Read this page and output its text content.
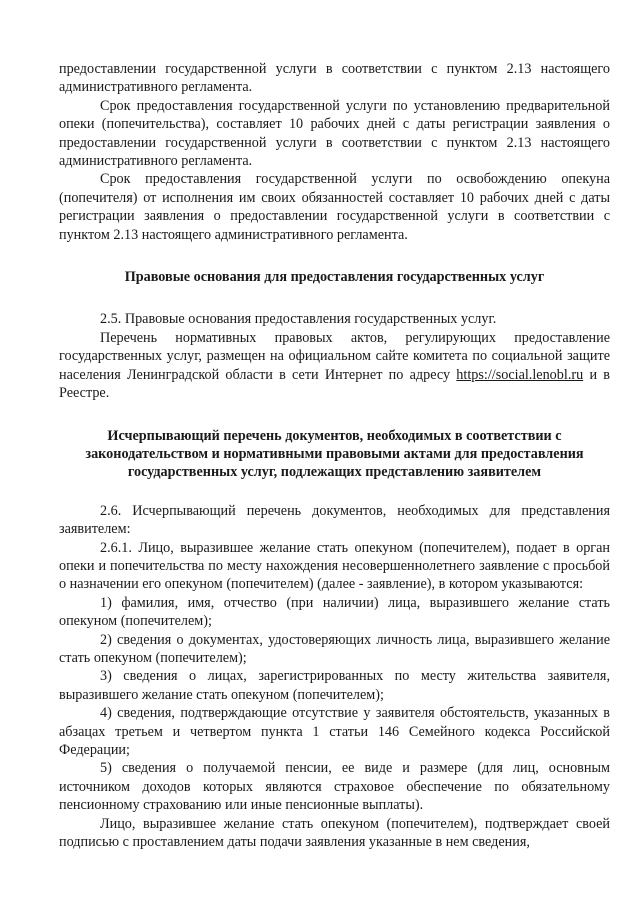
предоставлении государственной услуги в соответствии с пунктом 2.13 настоящего административного регламента.

Срок предоставления государственной услуги по установлению предварительной опеки (попечительства), составляет 10 рабочих дней с даты регистрации заявления о предоставлении государственной услуги в соответствии с пунктом 2.13 настоящего административного регламента.

Срок предоставления государственной услуги по освобождению опекуна (попечителя) от исполнения им своих обязанностей составляет 10 рабочих дней с даты регистрации заявления о предоставлении государственной услуги в соответствии с пунктом 2.13 настоящего административного регламента.

Правовые основания для предоставления государственных услуг

2.5. Правовые основания предоставления государственных услуг.

Перечень нормативных правовых актов, регулирующих предоставление государственных услуг, размещен на официальном сайте комитета по социальной защите населения Ленинградской области в сети Интернет по адресу https://social.lenobl.ru и в Реестре.

Исчерпывающий перечень документов, необходимых в соответствии с законодательством и нормативными правовыми актами для предоставления государственных услуг, подлежащих представлению заявителем

2.6. Исчерпывающий перечень документов, необходимых для представления заявителем:

2.6.1. Лицо, выразившее желание стать опекуном (попечителем), подает в орган опеки и попечительства по месту нахождения несовершеннолетнего заявление с просьбой о назначении его опекуном (попечителем) (далее - заявление), в котором указываются:

1) фамилия, имя, отчество (при наличии) лица, выразившего желание стать опекуном (попечителем);

2) сведения о документах, удостоверяющих личность лица, выразившего желание стать опекуном (попечителем);

3) сведения о лицах, зарегистрированных по месту жительства заявителя, выразившего желание стать опекуном (попечителем);

4) сведения, подтверждающие отсутствие у заявителя обстоятельств, указанных в абзацах третьем и четвертом пункта 1 статьи 146 Семейного кодекса Российской Федерации;

5) сведения о получаемой пенсии, ее виде и размере (для лиц, основным источником доходов которых являются страховое обеспечение по обязательному пенсионному страхованию или иные пенсионные выплаты).

Лицо, выразившее желание стать опекуном (попечителем), подтверждает своей подписью с проставлением даты подачи заявления указанные в нем сведения,
